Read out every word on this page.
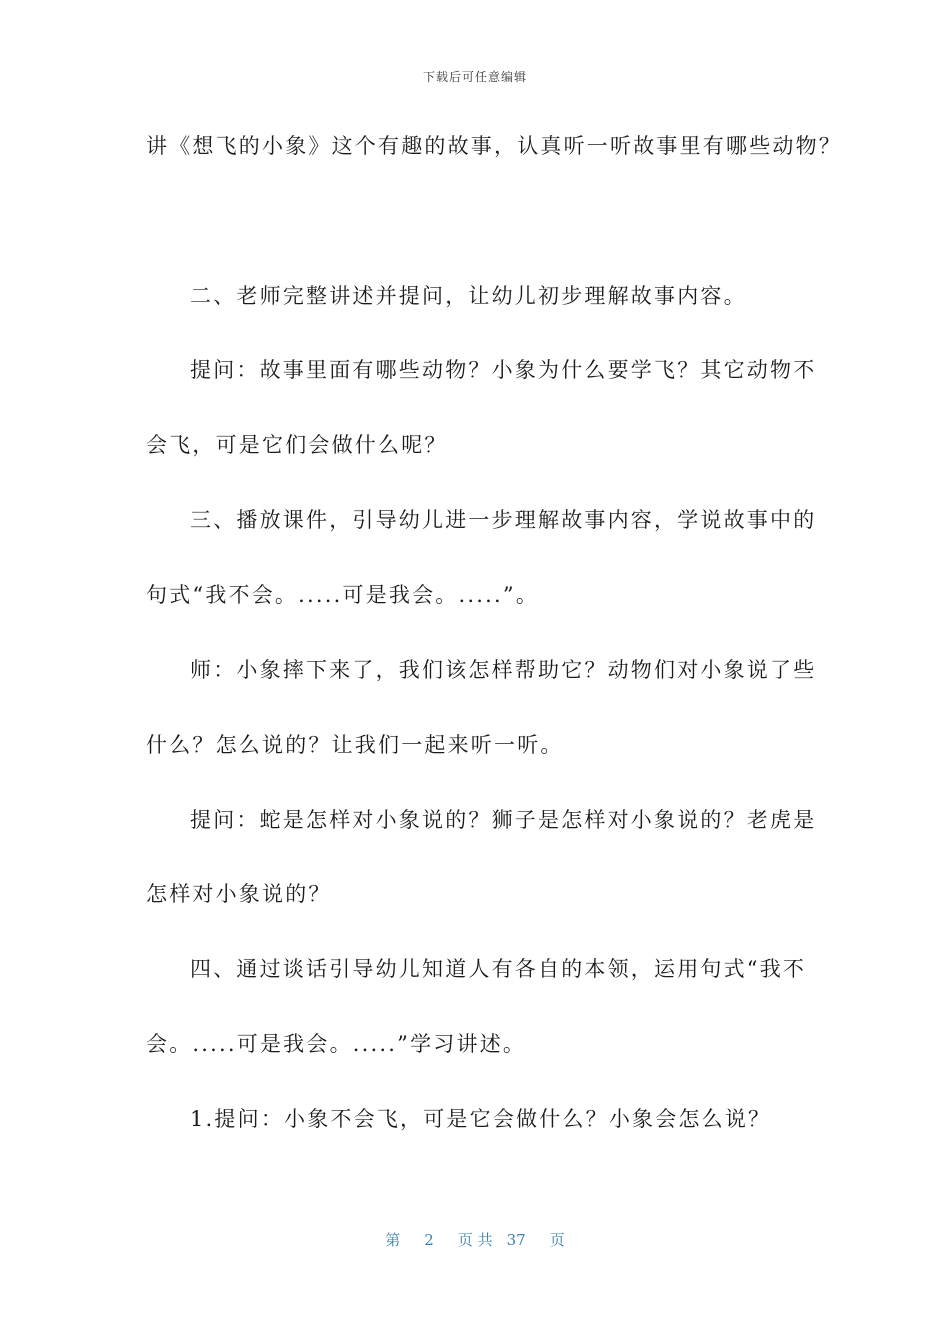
下载后可任意编辑
讲《想飞的小象》这个有趣的故事，认真听一听故事里有哪些动物？
二、老师完整讲述并提问，让幼儿初步理解故事内容。
提问：故事里面有哪些动物？小象为什么要学飞？其它动物不
会飞，可是它们会做什么呢？
三、播放课件，引导幼儿进一步理解故事内容，学说故事中的
句式“我不会。.....可是我会。.....”。
师：小象摔下来了，我们该怎样帮助它？动物们对小象说了些
什么？怎么说的？让我们一起来听一听。
提问：蛇是怎样对小象说的？狮子是怎样对小象说的？老虎是
怎样对小象说的？
四、通过谈话引导幼儿知道人有各自的本领，运用句式“我不
会。.....可是我会。.....”学习讲述。
1.提问：小象不会飞，可是它会做什么？小象会怎么说？
第 2 页 共 37 页
